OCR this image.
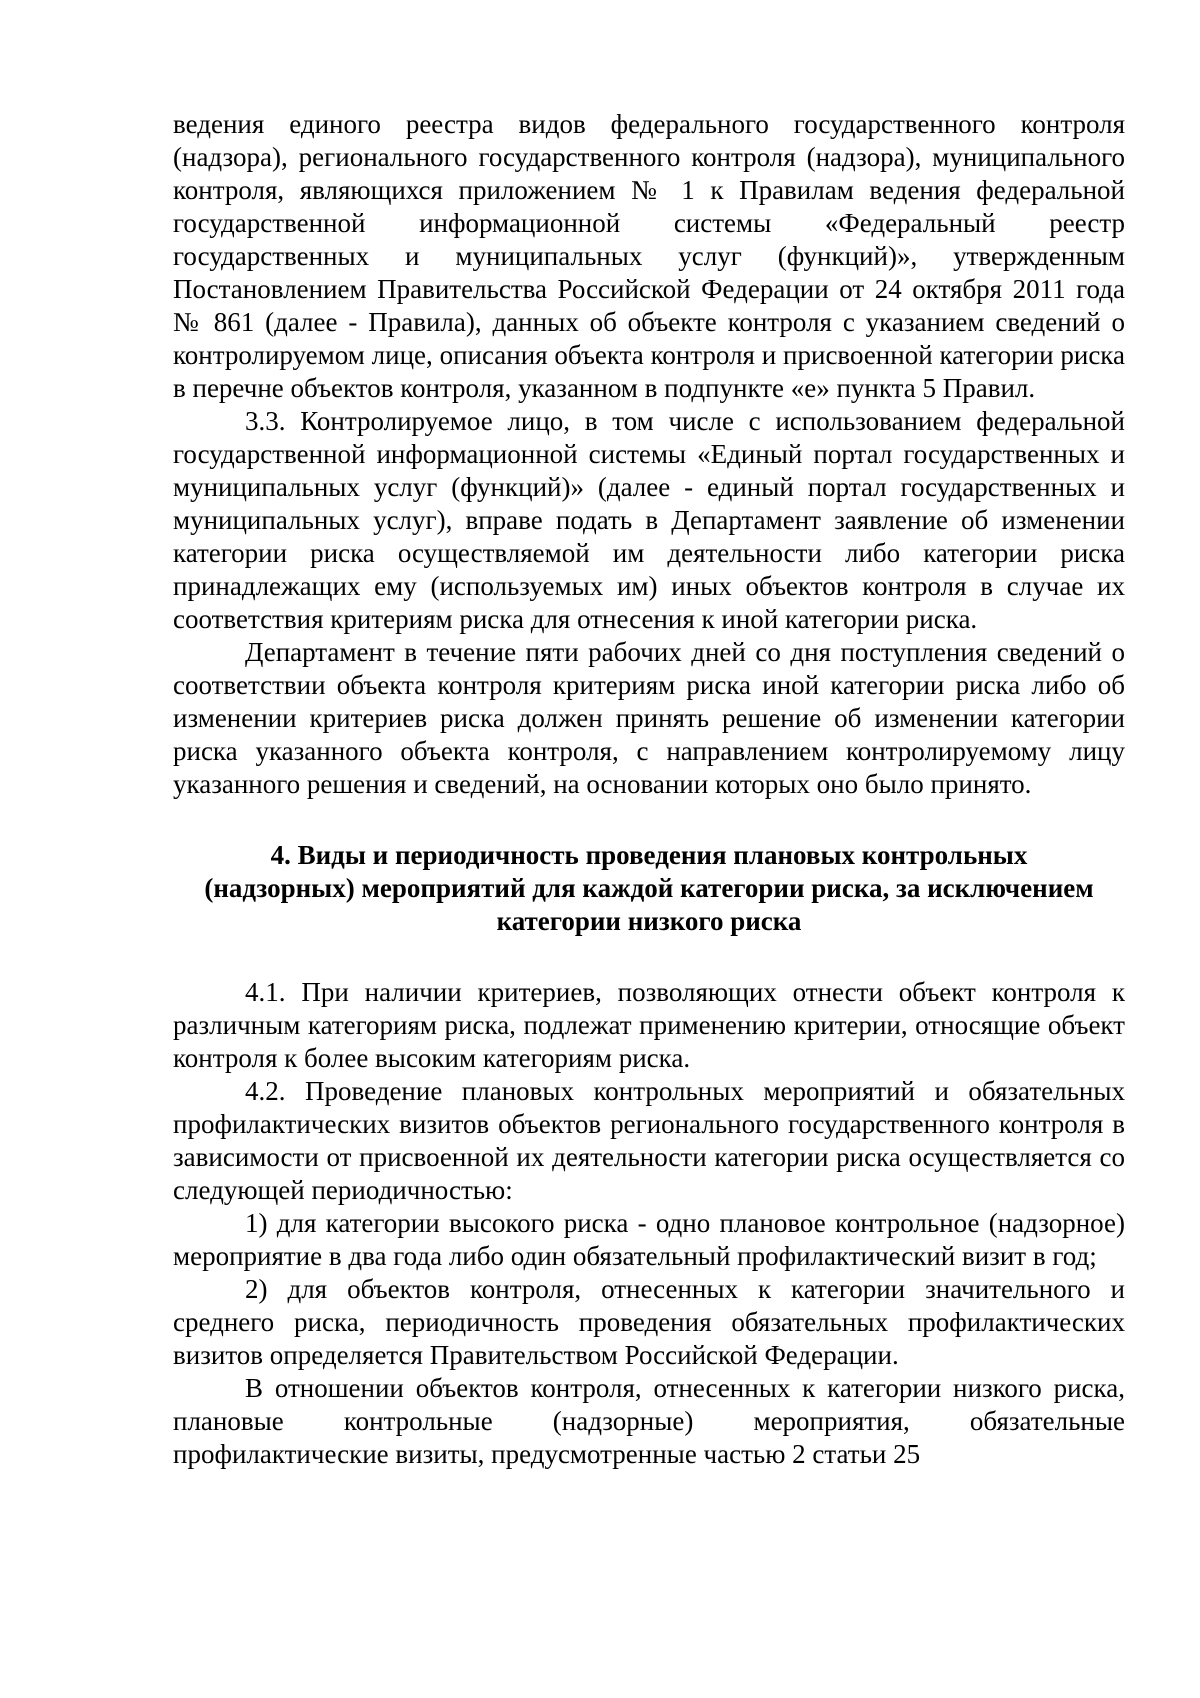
ведения единого реестра видов федерального государственного контроля (надзора), регионального государственного контроля (надзора), муниципального контроля, являющихся приложением № 1 к Правилам ведения федеральной государственной информационной системы «Федеральный реестр государственных и муниципальных услуг (функций)», утвержденным Постановлением Правительства Российской Федерации от 24 октября 2011 года № 861 (далее - Правила), данных об объекте контроля с указанием сведений о контролируемом лице, описания объекта контроля и присвоенной категории риска в перечне объектов контроля, указанном в подпункте «е» пункта 5 Правил.

3.3. Контролируемое лицо, в том числе с использованием федеральной государственной информационной системы «Единый портал государственных и муниципальных услуг (функций)» (далее - единый портал государственных и муниципальных услуг), вправе подать в Департамент заявление об изменении категории риска осуществляемой им деятельности либо категории риска принадлежащих ему (используемых им) иных объектов контроля в случае их соответствия критериям риска для отнесения к иной категории риска.

Департамент в течение пяти рабочих дней со дня поступления сведений о соответствии объекта контроля критериям риска иной категории риска либо об изменении критериев риска должен принять решение об изменении категории риска указанного объекта контроля, с направлением контролируемому лицу указанного решения и сведений, на основании которых оно было принято.

4. Виды и периодичность проведения плановых контрольных
(надзорных) мероприятий для каждой категории риска, за исключением
категории низкого риска

4.1. При наличии критериев, позволяющих отнести объект контроля к различным категориям риска, подлежат применению критерии, относящие объект контроля к более высоким категориям риска.

4.2. Проведение плановых контрольных мероприятий и обязательных профилактических визитов объектов регионального государственного контроля в зависимости от присвоенной их деятельности категории риска осуществляется со следующей периодичностью:

1) для категории высокого риска - одно плановое контрольное (надзорное) мероприятие в два года либо один обязательный профилактический визит в год;

2) для объектов контроля, отнесенных к категории значительного и среднего риска, периодичность проведения обязательных профилактических визитов определяется Правительством Российской Федерации.

В отношении объектов контроля, отнесенных к категории низкого риска, плановые контрольные (надзорные) мероприятия, обязательные профилактические визиты, предусмотренные частью 2 статьи 25
